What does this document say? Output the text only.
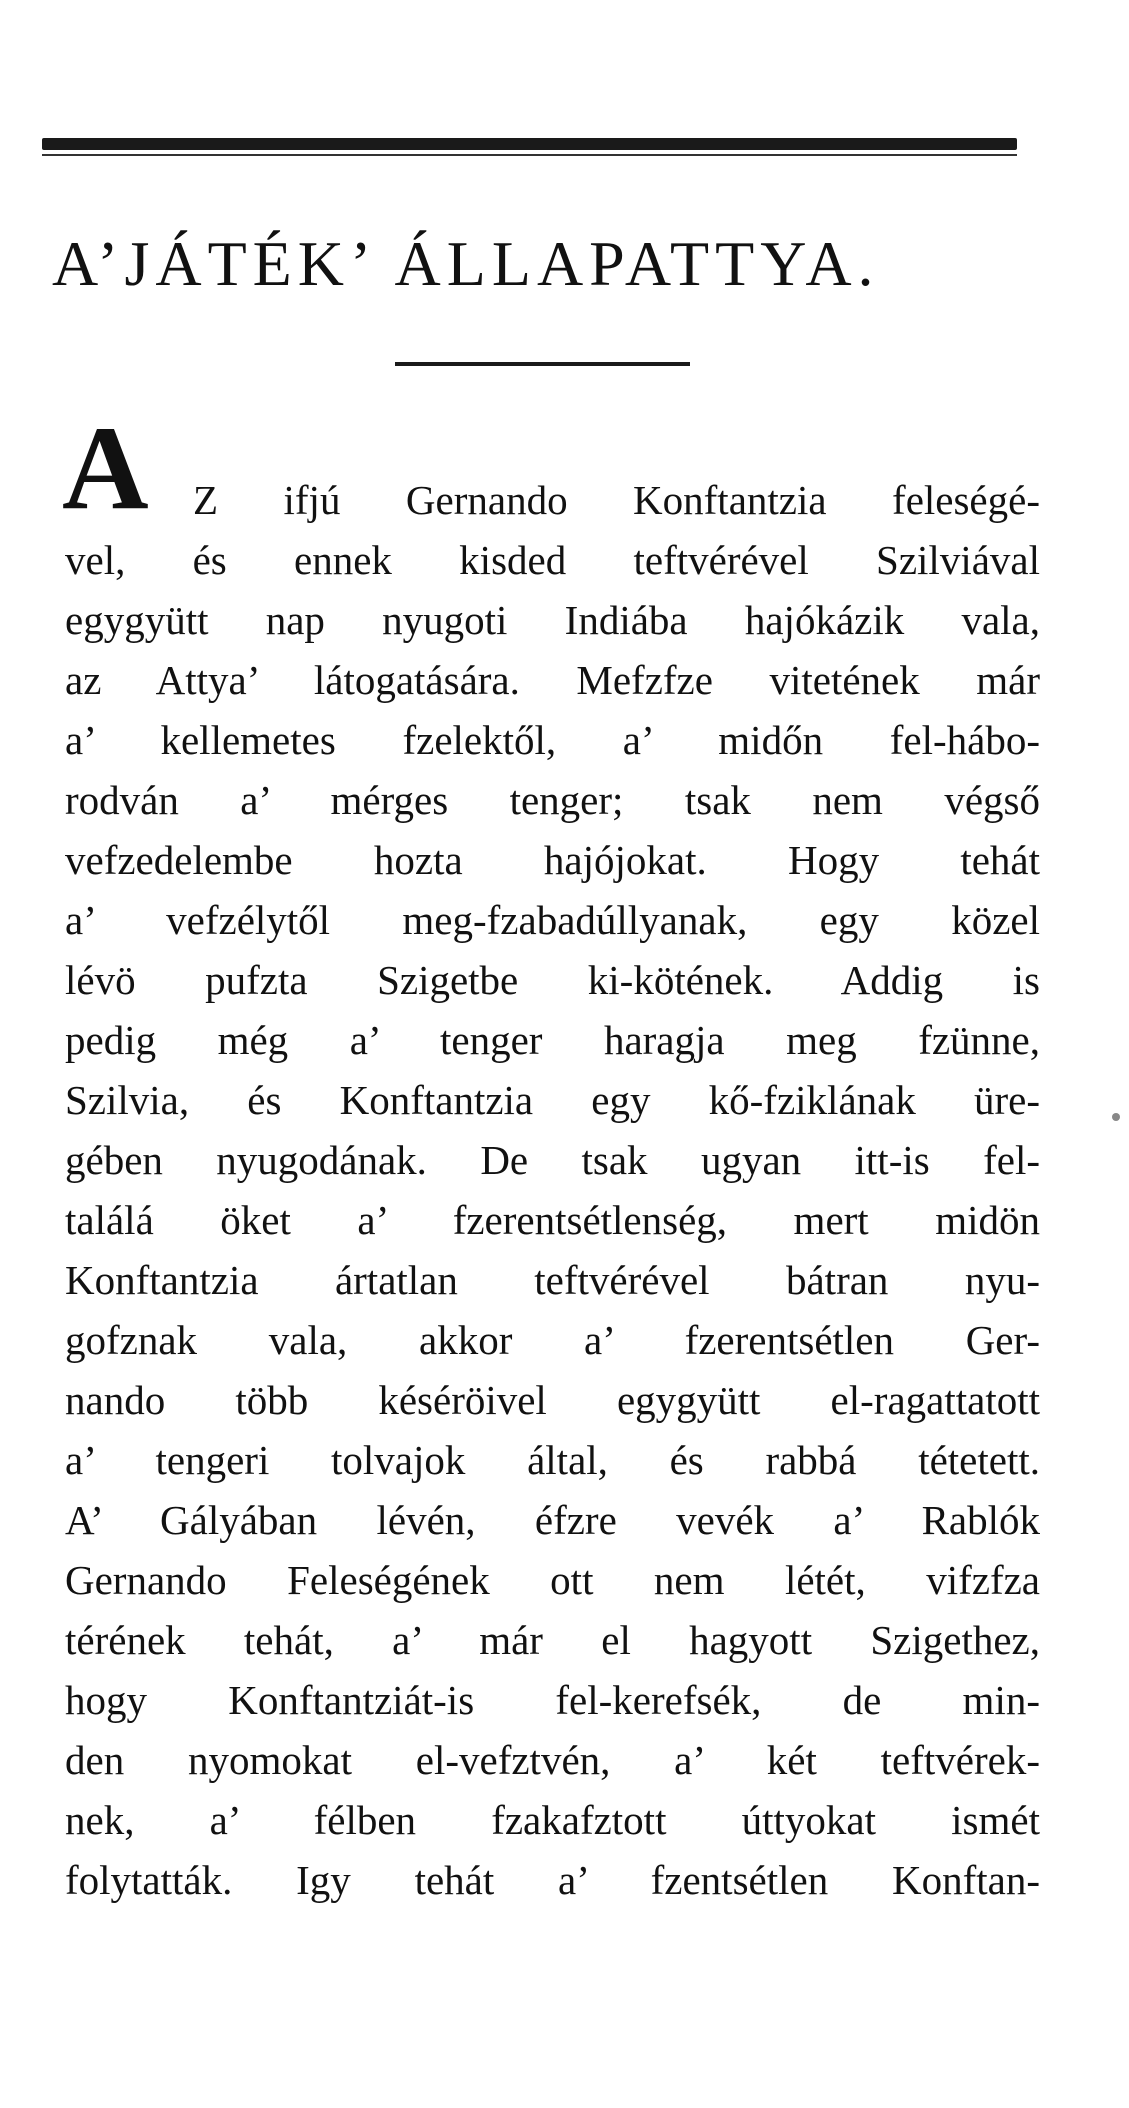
A’JÁTÉK’ ÁLLAPATTYA.
A Z ifjú Gernando Konftantzia feleségé-
vel, és ennek kisded teftvérével Szilviával
egygyütt nap nyugoti Indiába hajókázik vala,
az Attya’ látogatására. Mefzfze vitetének már
a’ kellemetes fzelektől, a’ midőn fel-hábo-
rodván a’ mérges tenger; tsak nem végső
vefzedelembe hozta hajójokat. Hogy tehát
a’ vefzélytől meg-fzabadúllyanak, egy közel
lévö pufzta Szigetbe ki-kötének. Addig is
pedig még a’ tenger haragja meg fzünne,
Szilvia, és Konftantzia egy kő-fziklának üre-
gében nyugodának. De tsak ugyan itt-is fel-
találá öket a’ fzerentsétlenség, mert midön
Konftantzia ártatlan teftvérével bátran nyu-
gofznak vala, akkor a’ fzerentsétlen Ger-
nando több késéröivel egygyütt el-ragattatott
a’ tengeri tolvajok által, és rabbá tétetett.
A’ Gályában lévén, éfzre vevék a’ Rablók
Gernando Feleségének ott nem létét, vifzfza
térének tehát, a’ már el hagyott Szigethez,
hogy Konftantziát-is fel-kerefsék, de min-
den nyomokat el-vefztvén, a’ két teftvérek-
nek, a’ félben fzakafztott úttyokat ismét
folytatták. Igy tehát a’ fzentsétlen Konftan-
